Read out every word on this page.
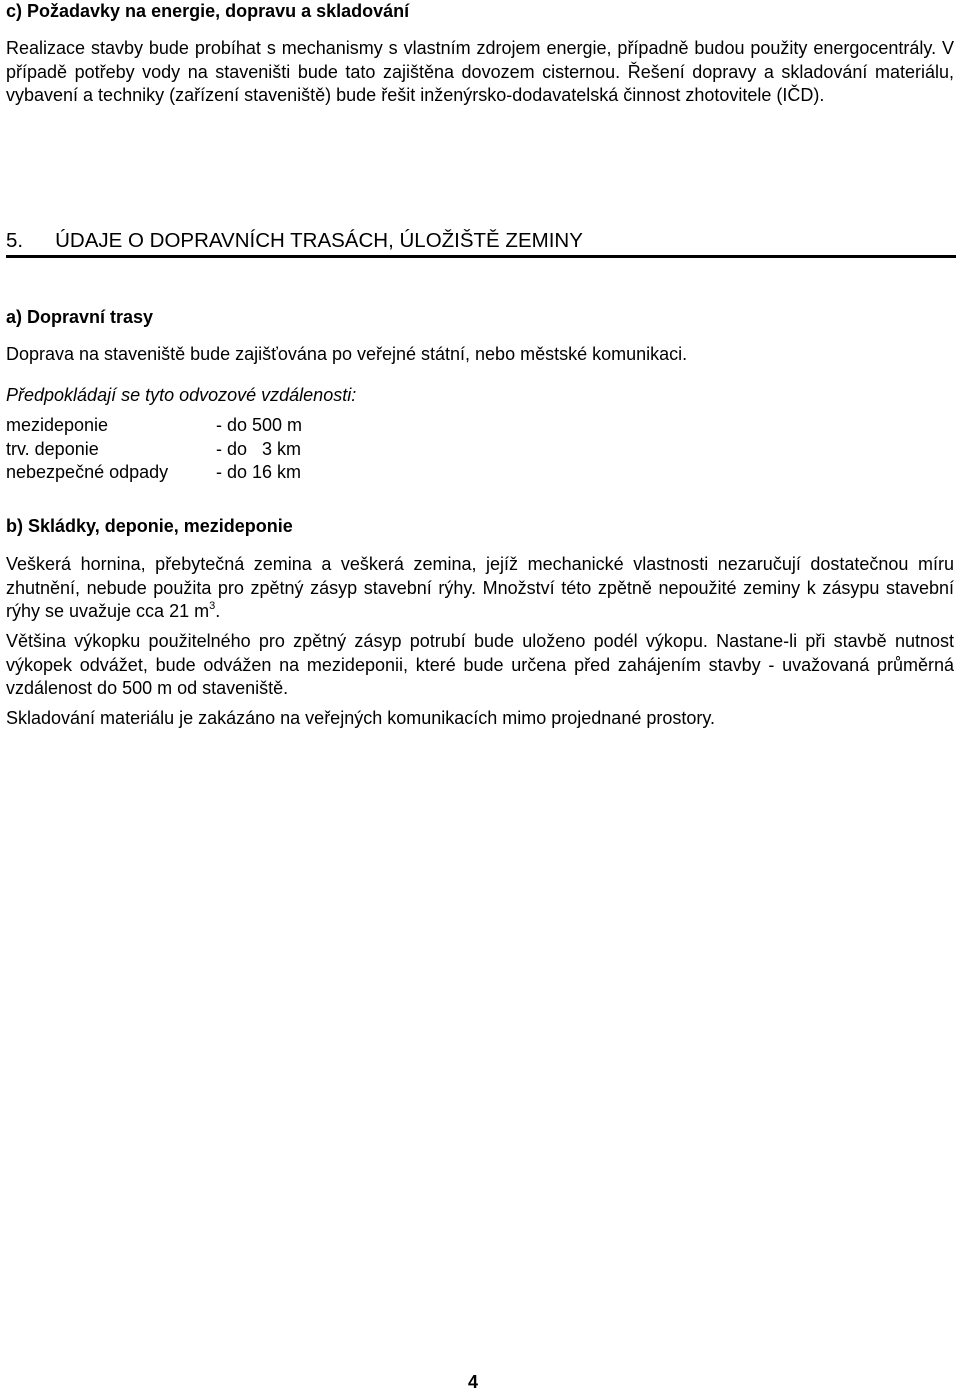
c) Požadavky na energie, dopravu a skladování

Realizace stavby bude probíhat s mechanismy s vlastním zdrojem energie, případně budou použity energocentrály. V případě potřeby vody na staveništi bude tato zajištěna dovozem cisternou. Řešení dopravy a skladování materiálu, vybavení a techniky (zařízení staveniště) bude řešit inženýrsko-dodavatelská činnost zhotovitele (IČD).

5. ÚDAJE O DOPRAVNÍCH TRASÁCH, ÚLOŽIŠTĚ ZEMINY

a) Dopravní trasy

Doprava na staveniště bude zajišťována po veřejné státní, nebo městské komunikaci.

Předpokládají se tyto odvozové vzdálenosti:

mezideponie	- do 500 m
trv. deponie	- do   3 km
nebezpečné odpady	- do 16 km

b) Skládky, deponie, mezideponie

Veškerá hornina, přebytečná zemina a veškerá zemina, jejíž mechanické vlastnosti nezaručují dostatečnou míru zhutnění, nebude použita pro zpětný zásyp stavební rýhy. Množství této zpětně nepoužité zeminy k zásypu stavební rýhy se uvažuje cca 21 $m^3$.

Většina výkopku použitelného pro zpětný zásyp potrubí bude uloženo podél výkopu. Nastane-li při stavbě nutnost výkopek odvážet, bude odvážen na mezideponii, které bude určena před zahájením stavby - uvažovaná průměrná vzdálenost do 500 m od staveniště.

Skladování materiálu je zakázáno na veřejných komunikacích mimo projednané prostory.

4
